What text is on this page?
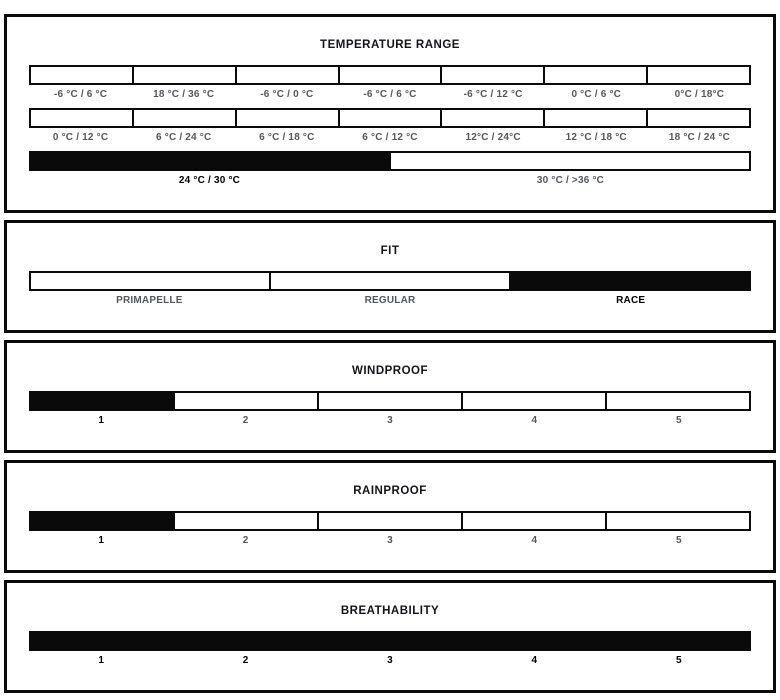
TEMPERATURE RANGE
-6 °C / 6 °C	18 °C / 36 °C	-6 °C / 0 °C	-6 °C / 6 °C	-6 °C / 12 °C	0 °C / 6 °C	0°C / 18°C
0 °C / 12 °C	6 °C / 24 °C	6 °C / 18 °C	6 °C / 12 °C	12°C / 24°C	12 °C / 18 °C	18 °C / 24 °C
24 °C / 30 °C	30 °C / >36 °C
FIT
PRIMAPELLE	REGULAR	RACE
WINDPROOF
1	2	3	4	5
RAINPROOF
1	2	3	4	5
BREATHABILITY
1	2	3	4	5
